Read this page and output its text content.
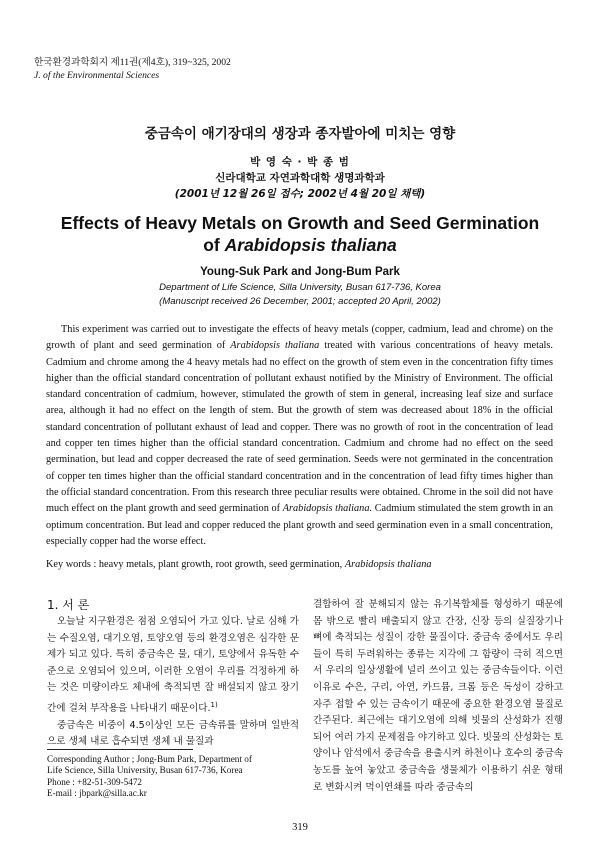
한국환경과학회지 제11권(제4호), 319~325, 2002
J. of the Environmental Sciences
중금속이 애기장대의 생장과 종자발아에 미치는 영향
박 영 숙 · 박 종 범
신라대학교 자연과학대학 생명과학과
(2001년 12월 26일 접수; 2002년 4월 20일 채택)
Effects of Heavy Metals on Growth and Seed Germination
of Arabidopsis thaliana
Young-Suk Park and Jong-Bum Park
Department of Life Science, Silla University, Busan 617-736, Korea
(Manuscript received 26 December, 2001; accepted 20 April, 2002)
This experiment was carried out to investigate the effects of heavy metals (copper, cadmium, lead and chrome) on the growth of plant and seed germination of Arabidopsis thaliana treated with various concentrations of heavy metals. Cadmium and chrome among the 4 heavy metals had no effect on the growth of stem even in the concentration fifty times higher than the official standard concentration of pollutant exhaust notified by the Ministry of Environment. The official standard concentration of cadmium, however, stimulated the growth of stem in general, increasing leaf size and surface area, although it had no effect on the length of stem. But the growth of stem was decreased about 18% in the official standard concentration of pollutant exhaust of lead and copper. There was no growth of root in the concentration of lead and copper ten times higher than the official standard concentration. Cadmium and chrome had no effect on the seed germination, but lead and copper decreased the rate of seed germination. Seeds were not germinated in the concentration of copper ten times higher than the official standard concentration and in the concentration of lead fifty times higher than the official standard concentration. From this research three peculiar results were obtained. Chrome in the soil did not have much effect on the plant growth and seed germination of Arabidopsis thaliana. Cadmium stimulated the stem growth in an optimum concentration. But lead and copper reduced the plant growth and seed germination even in a small concentration, especially copper had the worse effect.
Key words : heavy metals, plant growth, root growth, seed germination, Arabidopsis thaliana
1. 서 론

오늘날 지구환경은 점점 오염되어 가고 있다. 날로 심해 가는 수질오염, 대기오염, 토양오염 등의 환경오염은 심각한 문제가 되고 있다. 특히 중금속은 물, 대기, 토양에서 유독한 수준으로 오염되어 있으며, 이러한 오염이 우리를 걱정하게 하는 것은 미량이라도 체내에 축적되면 잘 배설되지 않고 장기간에 걸쳐 부작용을 나타내기 때문이다.$^{1)}$

중금속은 비중이 4.5이상인 모든 금속류를 말하며 일반적으로 생체 내로 흡수되면 생체 내 물질과

결합하여 잘 분해되지 않는 유기복합체를 형성하기 때문에 몸 밖으로 빨리 배출되지 않고 간장, 신장 등의 실질장기나 뼈에 축적되는 성질이 강한 물질이다. 중금속 중에서도 우리들이 특히 두려워하는 종류는 지각에 그 함량이 극히 적으면서 우리의 일상생활에 널리 쓰이고 있는 중금속들이다. 이런 이유로 수은, 구리, 아연, 카드뮴, 크롬 등은 독성이 강하고 자주 접할 수 있는 금속이기 때문에 중요한 환경오염 물질로 간주된다. 최근에는 대기오염에 의해 빗물의 산성화가 진행되어 여러 가지 문제점을 야기하고 있다. 빗물의 산성화는 토양이나 암석에서 중금속을 용출시켜 하천이나 호수의 중금속 농도를 높여 놓았고 중금속을 생물체가 이용하기 쉬운 형태로 변화시켜 먹이연쇄를 따라 중금속의

Corresponding Author ; Jong-Bum Park, Department of
Life Science, Silla University, Busan 617-736, Korea
Phone : +82-51-309-5472
E-mail : jbpark@silla.ac.kr
319
